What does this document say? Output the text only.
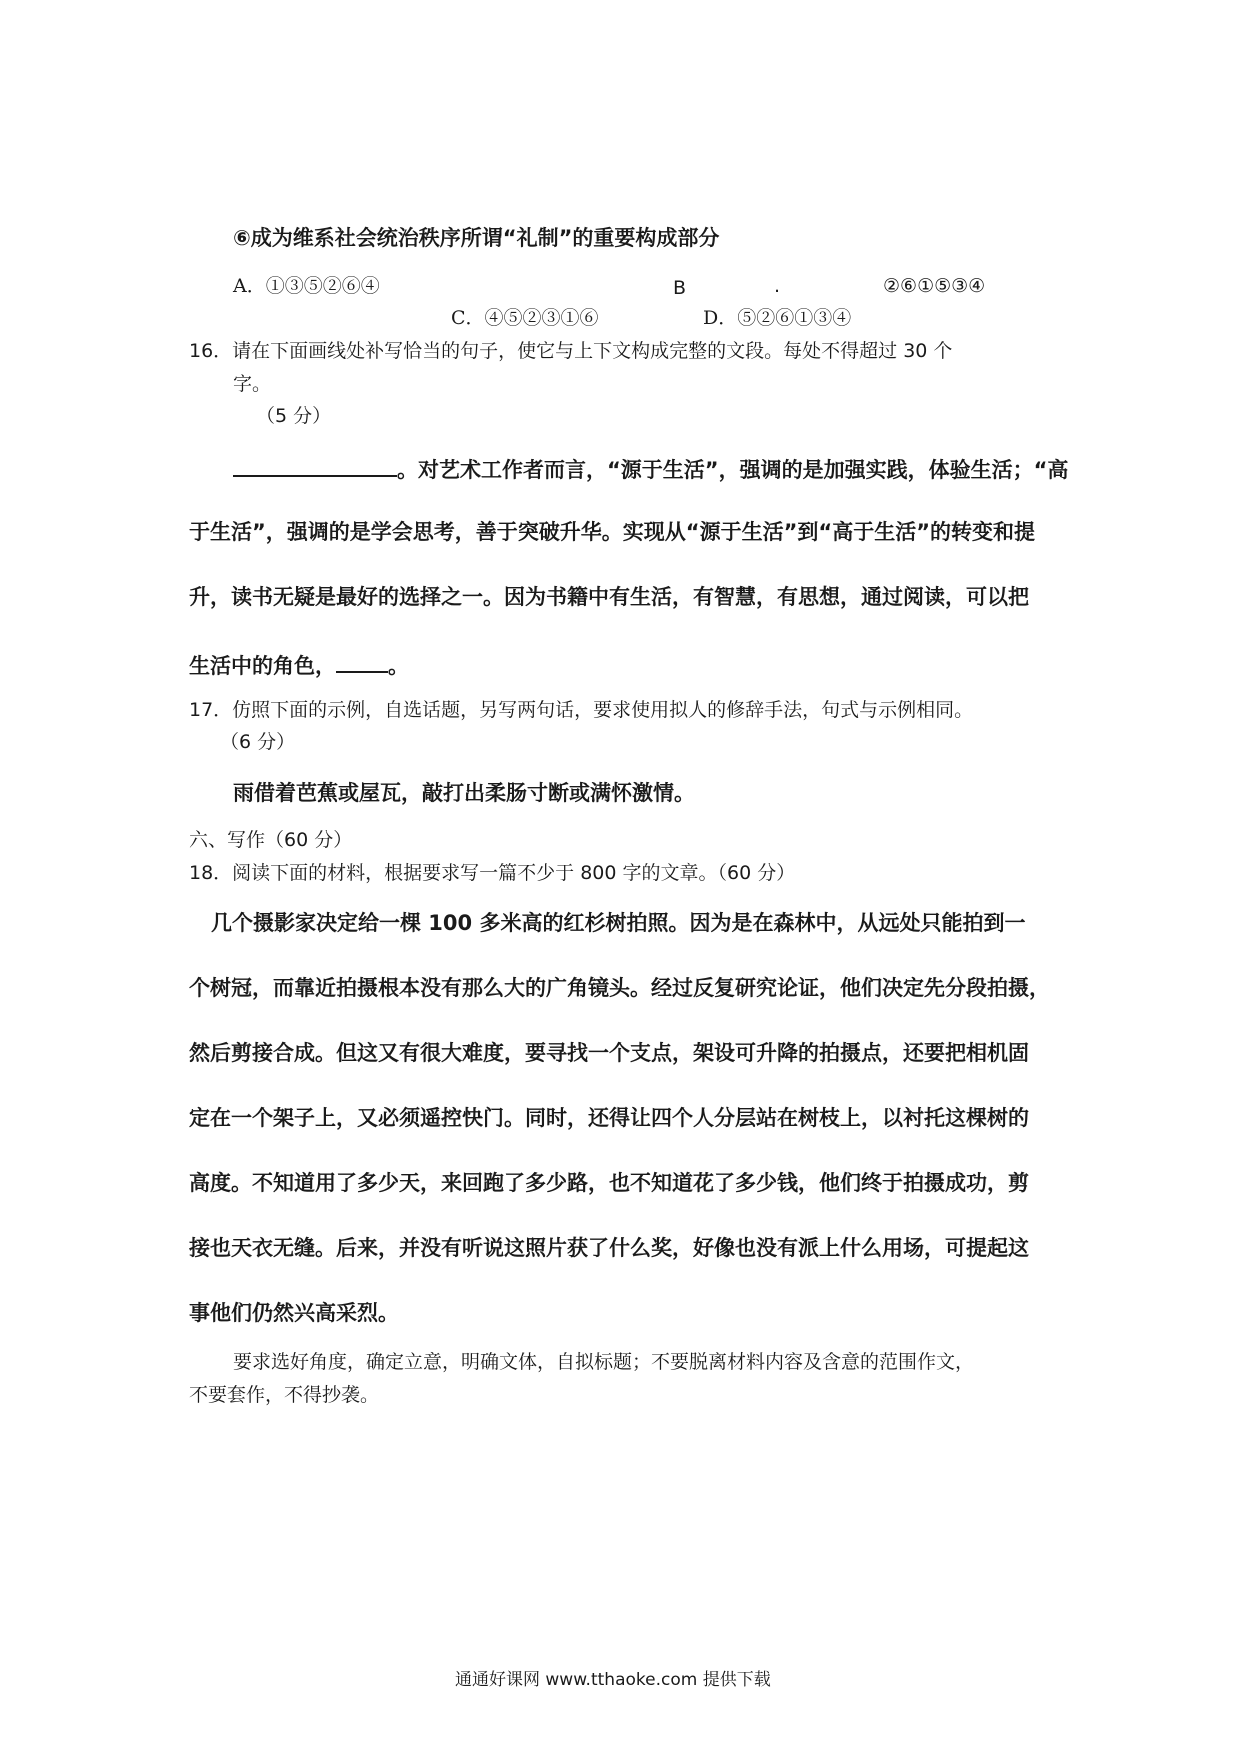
⑥成为维系社会统治秩序所谓“礼制”的重要构成部分
A．①③⑤②⑥④	B	.	②⑥①⑤③④
C．④⑤②③①⑥	D．⑤②⑥①③④
16．请在下面画线处补写恰当的句子，使它与上下文构成完整的文段。每处不得超过 30 个
字。
（5 分）
。对艺术工作者而言，“源于生活”，强调的是加强实践，体验生活；“高
于生活”，强调的是学会思考，善于突破升华。实现从“源于生活”到“高于生活”的转变和提
升，读书无疑是最好的选择之一。因为书籍中有生活，有智慧，有思想，通过阅读，可以把
生活中的角色， 。
17．仿照下面的示例，自选话题，另写两句话，要求使用拟人的修辞手法，句式与示例相同。
（6 分）
雨借着芭蕉或屋瓦，敲打出柔肠寸断或满怀激情。
六、写作（60 分）
18．阅读下面的材料，根据要求写一篇不少于 800 字的文章。（60 分）
几个摄影家决定给一棵 100 多米高的红杉树拍照。因为是在森林中，从远处只能拍到一
个树冠，而靠近拍摄根本没有那么大的广角镜头。经过反复研究论证，他们决定先分段拍摄，
然后剪接合成。但这又有很大难度，要寻找一个支点，架设可升降的拍摄点，还要把相机固
定在一个架子上，又必须遥控快门。同时，还得让四个人分层站在树枝上，以衬托这棵树的
高度。不知道用了多少天，来回跑了多少路，也不知道花了多少钱，他们终于拍摄成功，剪
接也天衣无缝。后来，并没有听说这照片获了什么奖，好像也没有派上什么用场，可提起这
事他们仍然兴高采烈。
要求选好角度，确定立意，明确文体，自拟标题；不要脱离材料内容及含意的范围作文，
不要套作，不得抄袭。
通通好课网 www.tthaoke.com 提供下载
